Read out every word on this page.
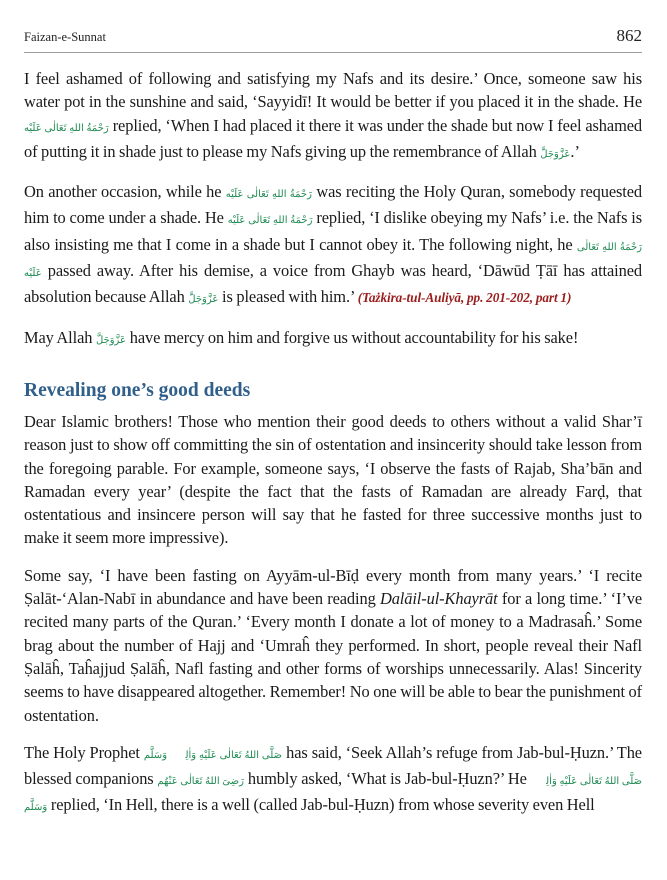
Faizan-e-Sunnat	862

I feel ashamed of following and satisfying my Nafs and its desire.’ Once, someone saw his water pot in the sunshine and said, ‘Sayyidī! It would be better if you placed it in the shade. He رَحْمَةُ اللهِ تَعَالٰی عَلَيْه replied, ‘When I had placed it there it was under the shade but now I feel ashamed of putting it in shade just to please my Nafs giving up the remembrance of Allah عَزَّوَجَلَّ.’

On another occasion, while he رَحْمَةُ اللهِ تَعَالٰی عَلَيْه was reciting the Holy Quran, somebody requested him to come under a shade. He رَحْمَةُ اللهِ تَعَالٰی عَلَيْه replied, ‘I dislike obeying my Nafs’ i.e. the Nafs is also insisting me that I come in a shade but I cannot obey it. The following night, he رَحْمَةُ اللهِ تَعَالٰی عَلَيْه passed away. After his demise, a voice from Ghayb was heard, ‘Dāwūd Ṭāī has attained absolution because Allah عَزَّوَجَلَّ is pleased with him.’ (Tażkira-tul-Auliyā, pp. 201-202, part 1)

May Allah عَزَّوَجَلَّ have mercy on him and forgive us without accountability for his sake!

Revealing one’s good deeds

Dear Islamic brothers! Those who mention their good deeds to others without a valid Shar’ī reason just to show off committing the sin of ostentation and insincerity should take lesson from the foregoing parable. For example, someone says, ‘I observe the fasts of Rajab, Sha’bān and Ramadan every year’ (despite the fact that the fasts of Ramadan are already Farḍ, that ostentatious and insincere person will say that he fasted for three successive months just to make it seem more impressive).

Some say, ‘I have been fasting on Ayyām-ul-Bīḍ every month from many years.’ ‘I recite Ṣalāt-‘Alan-Nabī in abundance and have been reading Dalāil-ul-Khayrāt for a long time.’ ‘I’ve recited many parts of the Quran.’ ‘Every month I donate a lot of money to a Madrasaĥ.’ Some brag about the number of Hajj and ‘Umraĥ they performed. In short, people reveal their Nafl Ṣalāĥ, Taĥajjud Ṣalāĥ, Nafl fasting and other forms of worships unnecessarily. Alas! Sincerity seems to have disappeared altogether. Remember! No one will be able to bear the punishment of ostentation.

The Holy Prophet صَلَّى اللهُ تَعَالٰی عَلَيْهِ وَاٰلِهٖ وَسَلَّم has said, ‘Seek Allah’s refuge from Jab-bul-Ḥuzn.’ The blessed companions رَضِیَ اللهُ تَعَالٰی عَنْهُم humbly asked, ‘What is Jab-bul-Ḥuzn?’ He صَلَّى اللهُ تَعَالٰی عَلَيْهِ وَاٰلِهٖ وَسَلَّم replied, ‘In Hell, there is a well (called Jab-bul-Ḥuzn) from whose severity even Hell
